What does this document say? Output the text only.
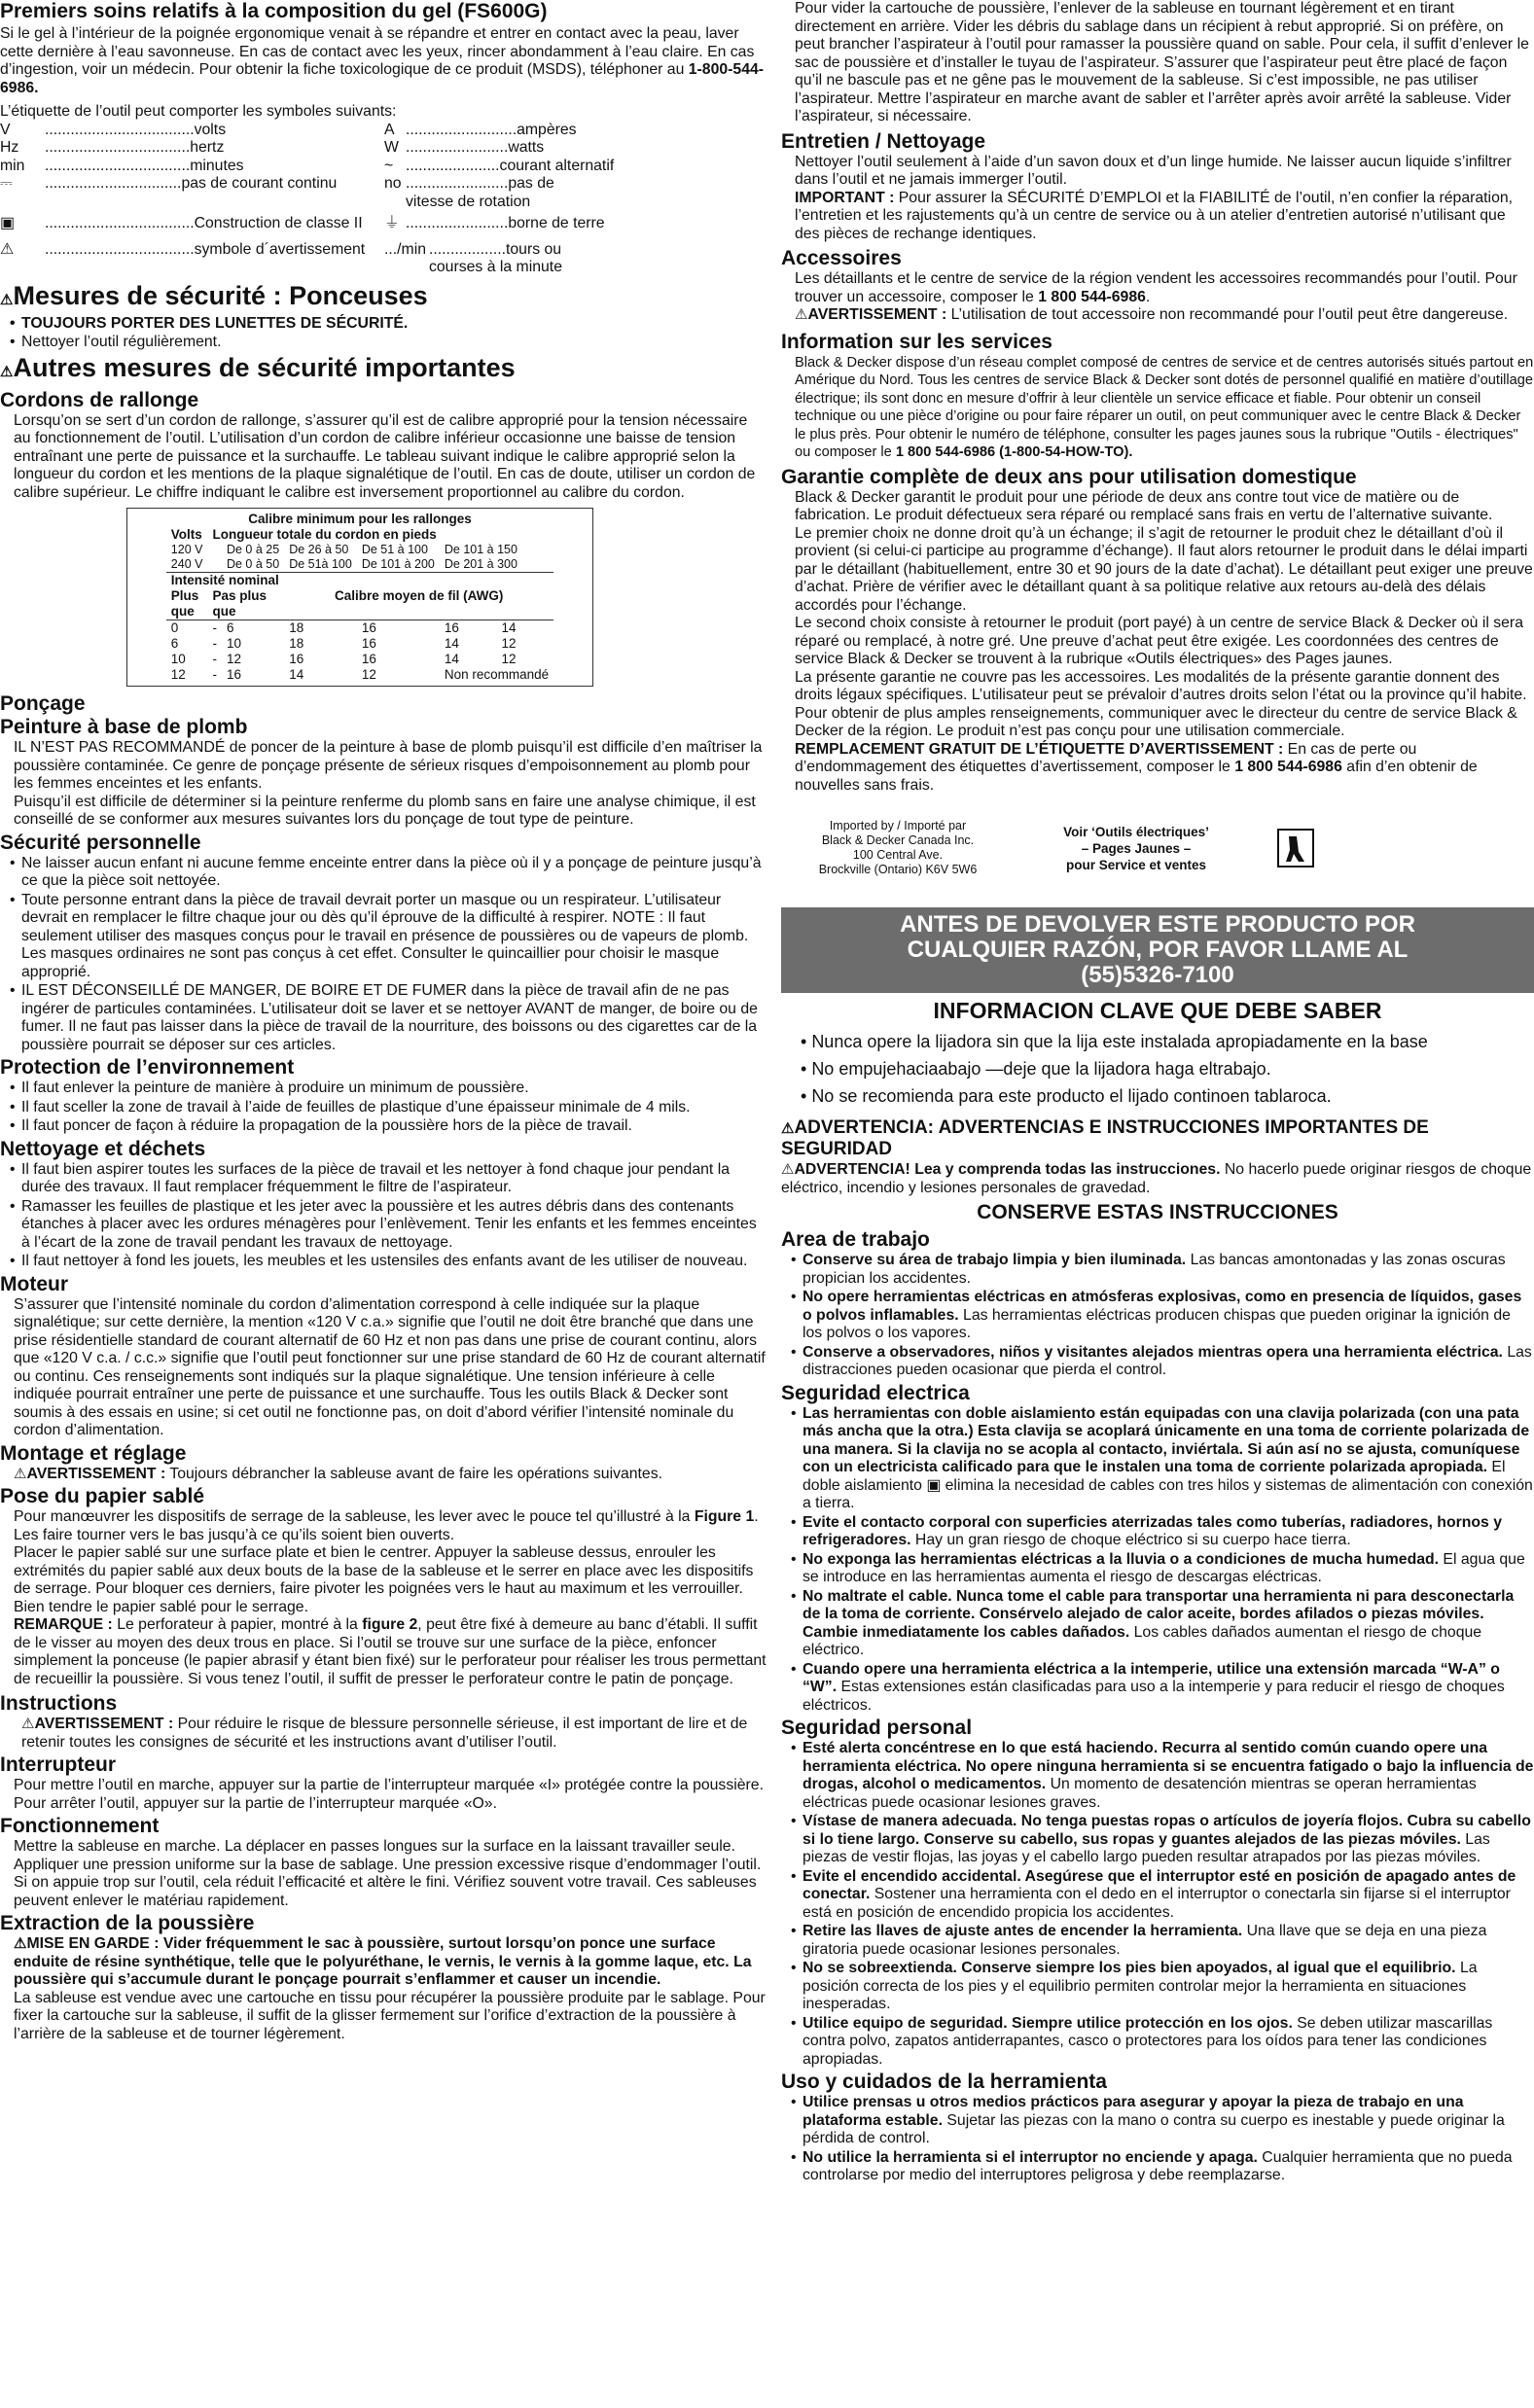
Premiers soins relatifs à la composition du gel (FS600G)

Si le gel à l’intérieur de la poignée ergonomique venait à se répandre et entrer en contact avec la peau, laver cette dernière à l’eau savonneuse. En cas de contact avec les yeux, rincer abondamment à l’eau claire. En cas d’ingestion, voir un médecin. Pour obtenir la fiche toxicologique de ce produit (MSDS), téléphoner au 1-800-544-6986.

L’étiquette de l’outil peut comporter les symboles suivants:

V	...................................volts	A ..........................ampères
Hz	..................................hertz	W ........................watts
min	..................................minutes	~ ......................courant alternatif
⎓	................................pas de courant continu	no ........................pas de vitesse de rotation
▣	...................................Construction de classe II ⏚ ........................borne de terre
⚠	...................................symbole d´avertissement .../min ..................tours ou courses à la minute
⚠Mesures de sécurité : Ponceuses

• TOUJOURS PORTER DES LUNETTES DE SÉCURITÉ.

• Nettoyer l’outil régulièrement.

⚠Autres mesures de sécurité importantes
Cordons de rallonge

Lorsqu’on se sert d’un cordon de rallonge, s’assurer qu’il est de calibre approprié pour la tension nécessaire au fonctionnement de l’outil. L’utilisation d’un cordon de calibre inférieur occasionne une baisse de tension entraînant une perte de puissance et la surchauffe. Le tableau suivant indique le calibre approprié selon la longueur du cordon et les mentions de la plaque signalétique de l’outil. En cas de doute, utiliser un cordon de calibre supérieur. Le chiffre indiquant le calibre est inversement proportionnel au calibre du cordon.

Calibre minimum pour les rallonges						
Volts	Longueur totale du cordon en pieds					
120 V		De 0 à 25	De 26 à 50	De 51 à 100	De 101 à 150	
240 V		De 0 à 50	De 51à 100	De 101 à 200	De 201 à 300	
Intensité nominal						
Plus	Pas plus		Calibre moyen de fil (AWG)			
que	que					
0	-	6	18	16	16	14
6	-	10	18	16	14	12
10	-	12	16	16	14	12
12	-	16	14	12	Non recommandé	
Ponçage
Peinture à base de plomb

IL N’EST PAS RECOMMANDÉ de poncer de la peinture à base de plomb puisqu’il est difficile d’en maîtriser la poussière contaminée. Ce genre de ponçage présente de sérieux risques d’empoisonnement au plomb pour les femmes enceintes et les enfants.

Puisqu’il est difficile de déterminer si la peinture renferme du plomb sans en faire une analyse chimique, il est conseillé de se conformer aux mesures suivantes lors du ponçage de tout type de peinture.

Sécurité personnelle

• Ne laisser aucun enfant ni aucune femme enceinte entrer dans la pièce où il y a ponçage de peinture jusqu’à ce que la pièce soit nettoyée.

• Toute personne entrant dans la pièce de travail devrait porter un masque ou un respirateur. L’utilisateur devrait en remplacer le filtre chaque jour ou dès qu’il éprouve de la difficulté à respirer. NOTE : Il faut seulement utiliser des masques conçus pour le travail en présence de poussières ou de vapeurs de plomb. Les masques ordinaires ne sont pas conçus à cet effet. Consulter le quincaillier pour choisir le masque approprié.

• IL EST DÉCONSEILLÉ DE MANGER, DE BOIRE ET DE FUMER dans la pièce de travail afin de ne pas ingérer de particules contaminées. L’utilisateur doit se laver et se nettoyer AVANT de manger, de boire ou de fumer. Il ne faut pas laisser dans la pièce de travail de la nourriture, des boissons ou des cigarettes car de la poussière pourrait se déposer sur ces articles.

Protection de l’environnement

• Il faut enlever la peinture de manière à produire un minimum de poussière.

• Il faut sceller la zone de travail à l’aide de feuilles de plastique d’une épaisseur minimale de 4 mils.

• Il faut poncer de façon à réduire la propagation de la poussière hors de la pièce de travail.

Nettoyage et déchets

• Il faut bien aspirer toutes les surfaces de la pièce de travail et les nettoyer à fond chaque jour pendant la durée des travaux. Il faut remplacer fréquemment le filtre de l’aspirateur.

• Ramasser les feuilles de plastique et les jeter avec la poussière et les autres débris dans des contenants étanches à placer avec les ordures ménagères pour l’enlèvement. Tenir les enfants et les femmes enceintes à l’écart de la zone de travail pendant les travaux de nettoyage.

• Il faut nettoyer à fond les jouets, les meubles et les ustensiles des enfants avant de les utiliser de nouveau.

Moteur

S’assurer que l’intensité nominale du cordon d’alimentation correspond à celle indiquée sur la plaque signalétique; sur cette dernière, la mention «120 V c.a.» signifie que l’outil ne doit être branché que dans une prise résidentielle standard de courant alternatif de 60 Hz et non pas dans une prise de courant continu, alors que «120 V c.a. / c.c.» signifie que l’outil peut fonctionner sur une prise standard de 60 Hz de courant alternatif ou continu. Ces renseignements sont indiqués sur la plaque signalétique. Une tension inférieure à celle indiquée pourrait entraîner une perte de puissance et une surchauffe. Tous les outils Black & Decker sont soumis à des essais en usine; si cet outil ne fonctionne pas, on doit d’abord vérifier l’intensité nominale du cordon d’alimentation.

Montage et réglage

⚠AVERTISSEMENT : Toujours débrancher la sableuse avant de faire les opérations suivantes.

Pose du papier sablé

Pour manœuvrer les dispositifs de serrage de la sableuse, les lever avec le pouce tel qu’illustré à la Figure 1. Les faire tourner vers le bas jusqu’à ce qu’ils soient bien ouverts.

Placer le papier sablé sur une surface plate et bien le centrer. Appuyer la sableuse dessus, enrouler les extrémités du papier sablé aux deux bouts de la base de la sableuse et le serrer en place avec les dispositifs de serrage. Pour bloquer ces derniers, faire pivoter les poignées vers le haut au maximum et les verrouiller. Bien tendre le papier sablé pour le serrage.

REMARQUE : Le perforateur à papier, montré à la figure 2, peut être fixé à demeure au banc d’établi. Il suffit de le visser au moyen des deux trous en place. Si l’outil se trouve sur une surface de la pièce, enfoncer simplement la ponceuse (le papier abrasif y étant bien fixé) sur le perforateur pour réaliser les trous permettant de recueillir la poussière. Si vous tenez l’outil, il suffit de presser le perforateur contre le patin de ponçage.

Instructions

⚠AVERTISSEMENT : Pour réduire le risque de blessure personnelle sérieuse, il est important de lire et de retenir toutes les consignes de sécurité et les instructions avant d’utiliser l’outil.

Interrupteur

Pour mettre l’outil en marche, appuyer sur la partie de l’interrupteur marquée «I» protégée contre la poussière. Pour arrêter l’outil, appuyer sur la partie de l’interrupteur marquée «O».

Fonctionnement

Mettre la sableuse en marche. La déplacer en passes longues sur la surface en la laissant travailler seule. Appliquer une pression uniforme sur la base de sablage. Une pression excessive risque d’endommager l’outil. Si on appuie trop sur l’outil, cela réduit l’efficacité et altère le fini. Vérifiez souvent votre travail. Ces sableuses peuvent enlever le matériau rapidement.

Extraction de la poussière

⚠MISE EN GARDE : Vider fréquemment le sac à poussière, surtout lorsqu’on ponce une surface enduite de résine synthétique, telle que le polyuréthane, le vernis, le vernis à la gomme laque, etc. La poussière qui s’accumule durant le ponçage pourrait s’enflammer et causer un incendie.

La sableuse est vendue avec une cartouche en tissu pour récupérer la poussière produite par le sablage. Pour fixer la cartouche sur la sableuse, il suffit de la glisser fermement sur l’orifice d’extraction de la poussière à l’arrière de la sableuse et de tourner légèrement.

Pour vider la cartouche de poussière, l’enlever de la sableuse en tournant légèrement et en tirant directement en arrière. Vider les débris du sablage dans un récipient à rebut approprié. Si on préfère, on peut brancher l’aspirateur à l’outil pour ramasser la poussière quand on sable. Pour cela, il suffit d’enlever le sac de poussière et d’installer le tuyau de l’aspirateur. S’assurer que l’aspirateur peut être placé de façon qu’il ne bascule pas et ne gêne pas le mouvement de la sableuse. Si c’est impossible, ne pas utiliser l’aspirateur. Mettre l’aspirateur en marche avant de sabler et l’arrêter après avoir arrêté la sableuse. Vider l’aspirateur, si nécessaire.

Entretien / Nettoyage

Nettoyer l’outil seulement à l’aide d’un savon doux et d’un linge humide. Ne laisser aucun liquide s’infiltrer dans l’outil et ne jamais immerger l’outil.

IMPORTANT : Pour assurer la SÉCURITÉ D’EMPLOI et la FIABILITÉ de l’outil, n’en confier la réparation, l’entretien et les rajustements qu’à un centre de service ou à un atelier d’entretien autorisé n’utilisant que des pièces de rechange identiques.

Accessoires

Les détaillants et le centre de service de la région vendent les accessoires recommandés pour l’outil. Pour trouver un accessoire, composer le 1 800 544-6986.

⚠AVERTISSEMENT : L’utilisation de tout accessoire non recommandé pour l’outil peut être dangereuse.

Information sur les services

Black & Decker dispose d’un réseau complet composé de centres de service et de centres autorisés situés partout en Amérique du Nord. Tous les centres de service Black & Decker sont dotés de personnel qualifié en matière d’outillage électrique; ils sont donc en mesure d’offrir à leur clientèle un service efficace et fiable. Pour obtenir un conseil technique ou une pièce d’origine ou pour faire réparer un outil, on peut communiquer avec le centre Black & Decker le plus près. Pour obtenir le numéro de téléphone, consulter les pages jaunes sous la rubrique "Outils - électriques" ou composer le 1 800 544-6986 (1-800-54-HOW-TO).

Garantie complète de deux ans pour utilisation domestique

Black & Decker garantit le produit pour une période de deux ans contre tout vice de matière ou de fabrication. Le produit défectueux sera réparé ou remplacé sans frais en vertu de l’alternative suivante.

Le premier choix ne donne droit qu’à un échange; il s’agit de retourner le produit chez le détaillant d’où il provient (si celui-ci participe au programme d’échange). Il faut alors retourner le produit dans le délai imparti par le détaillant (habituellement, entre 30 et 90 jours de la date d’achat). Le détaillant peut exiger une preuve d’achat. Prière de vérifier avec le détaillant quant à sa politique relative aux retours au-delà des délais accordés pour l’échange.

Le second choix consiste à retourner le produit (port payé) à un centre de service Black & Decker où il sera réparé ou remplacé, à notre gré. Une preuve d’achat peut être exigée. Les coordonnées des centres de service Black & Decker se trouvent à la rubrique «Outils électriques» des Pages jaunes.

La présente garantie ne couvre pas les accessoires. Les modalités de la présente garantie donnent des droits légaux spécifiques. L’utilisateur peut se prévaloir d’autres droits selon l’état ou la province qu’il habite. Pour obtenir de plus amples renseignements, communiquer avec le directeur du centre de service Black & Decker de la région. Le produit n’est pas conçu pour une utilisation commerciale.

REMPLACEMENT GRATUIT DE L’ÉTIQUETTE D’AVERTISSEMENT : En cas de perte ou d’endommagement des étiquettes d’avertissement, composer le 1 800 544-6986 afin d’en obtenir de nouvelles sans frais.

Imported by / Importé par
Black & Decker Canada Inc.
100 Central Ave.
Brockville (Ontario) K6V 5W6
Voir ‘Outils électriques’
– Pages Jaunes –
pour Service et ventes
ANTES DE DEVOLVER ESTE PRODUCTO POR
CUALQUIER RAZÓN, POR FAVOR LLAME AL
(55)5326-7100
INFORMACION CLAVE QUE DEBE SABER

• Nunca opere la lijadora sin que la lija este instalada apropiadamente en la base

• No empujehaciaabajo —deje que la lijadora haga eltrabajo.

• No se recomienda para este producto el lijado continoen tablaroca.

⚠ADVERTENCIA: ADVERTENCIAS E INSTRUCCIONES IMPORTANTES DE SEGURIDAD

⚠ADVERTENCIA! Lea y comprenda todas las instrucciones. No hacerlo puede originar riesgos de choque eléctrico, incendio y lesiones personales de gravedad.

CONSERVE ESTAS INSTRUCCIONES
Area de trabajo

• Conserve su área de trabajo limpia y bien iluminada. Las bancas amontonadas y las zonas oscuras propician los accidentes.

• No opere herramientas eléctricas en atmósferas explosivas, como en presencia de líquidos, gases o polvos inflamables. Las herramientas eléctricas producen chispas que pueden originar la ignición de los polvos o los vapores.

• Conserve a observadores, niños y visitantes alejados mientras opera una herramienta eléctrica. Las distracciones pueden ocasionar que pierda el control.

Seguridad electrica

• Las herramientas con doble aislamiento están equipadas con una clavija polarizada (con una pata más ancha que la otra.) Esta clavija se acoplará únicamente en una toma de corriente polarizada de una manera. Si la clavija no se acopla al contacto, inviértala. Si aún así no se ajusta, comuníquese con un electricista calificado para que le instalen una toma de corriente polarizada apropiada. El doble aislamiento ▣ elimina la necesidad de cables con tres hilos y sistemas de alimentación con conexión a tierra.

• Evite el contacto corporal con superficies aterrizadas tales como tuberías, radiadores, hornos y refrigeradores. Hay un gran riesgo de choque eléctrico si su cuerpo hace tierra.

• No exponga las herramientas eléctricas a la lluvia o a condiciones de mucha humedad. El agua que se introduce en las herramientas aumenta el riesgo de descargas eléctricas.

• No maltrate el cable. Nunca tome el cable para transportar una herramienta ni para desconectarla de la toma de corriente. Consérvelo alejado de calor aceite, bordes afilados o piezas móviles. Cambie inmediatamente los cables dañados. Los cables dañados aumentan el riesgo de choque eléctrico.

• Cuando opere una herramienta eléctrica a la intemperie, utilice una extensión marcada “W-A” o “W”. Estas extensiones están clasificadas para uso a la intemperie y para reducir el riesgo de choques eléctricos.

Seguridad personal

• Esté alerta concéntrese en lo que está haciendo. Recurra al sentido común cuando opere una herramienta eléctrica. No opere ninguna herramienta si se encuentra fatigado o bajo la influencia de drogas, alcohol o medicamentos. Un momento de desatención mientras se operan herramientas eléctricas puede ocasionar lesiones graves.

• Vístase de manera adecuada. No tenga puestas ropas o artículos de joyería flojos. Cubra su cabello si lo tiene largo. Conserve su cabello, sus ropas y guantes alejados de las piezas móviles. Las piezas de vestir flojas, las joyas y el cabello largo pueden resultar atrapados por las piezas móviles.

• Evite el encendido accidental. Asegúrese que el interruptor esté en posición de apagado antes de conectar. Sostener una herramienta con el dedo en el interruptor o conectarla sin fijarse si el interruptor está en posición de encendido propicia los accidentes.

• Retire las llaves de ajuste antes de encender la herramienta. Una llave que se deja en una pieza giratoria puede ocasionar lesiones personales.

• No se sobreextienda. Conserve siempre los pies bien apoyados, al igual que el equilibrio. La posición correcta de los pies y el equilibrio permiten controlar mejor la herramienta en situaciones inesperadas.

• Utilice equipo de seguridad. Siempre utilice protección en los ojos. Se deben utilizar mascarillas contra polvo, zapatos antiderrapantes, casco o protectores para los oídos para tener las condiciones apropiadas.

Uso y cuidados de la herramienta

• Utilice prensas u otros medios prácticos para asegurar y apoyar la pieza de trabajo en una plataforma estable. Sujetar las piezas con la mano o contra su cuerpo es inestable y puede originar la pérdida de control.

• No utilice la herramienta si el interruptor no enciende y apaga. Cualquier herramienta que no pueda controlarse por medio del interruptores peligrosa y debe reemplazarse.
